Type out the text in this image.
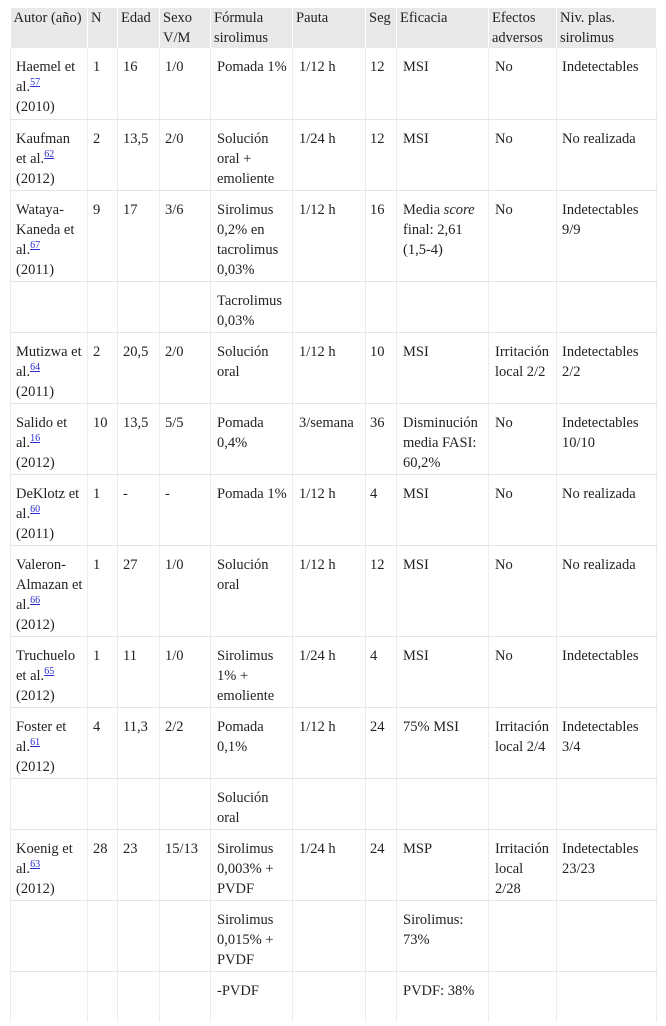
Autor (año)	N	Edad	Sexo V/M	Fórmula sirolimus	Pauta	Seg	Eficacia	Efectos adversos	Niv. plas. sirolimus
Haemel et al.$^{57}$
(2010)	1	16	1/0	Pomada 1%	1/12 h	12	MSI	No	Indetectables
Kaufman et al.$^{62}$
(2012)	2	13,5	2/0	Solución oral + emoliente	1/24 h	12	MSI	No	No realizada
Wataya-Kaneda et al.$^{67}$
(2011)	9	17	3/6	Sirolimus 0,2% en tacrolimus 0,03%	1/12 h	16	Media score final: 2,61 (1,5-4)	No	Indetectables 9/9
				Tacrolimus 0,03%					
Mutizwa et al.$^{64}$
(2011)	2	20,5	2/0	Solución oral	1/12 h	10	MSI	Irritación local 2/2	Indetectables 2/2
Salido et al.$^{16}$
(2012)	10	13,5	5/5	Pomada 0,4%	3/semana	36	Disminución media FASI: 60,2%	No	Indetectables 10/10
DeKlotz et al.$^{60}$
(2011)	1	-	-	Pomada 1%	1/12 h	4	MSI	No	No realizada
Valeron-Almazan et al.$^{66}$
(2012)	1	27	1/0	Solución oral	1/12 h	12	MSI	No	No realizada
Truchuelo et al.$^{65}$
(2012)	1	11	1/0	Sirolimus 1% + emoliente	1/24 h	4	MSI	No	Indetectables
Foster et al.$^{61}$
(2012)	4	11,3	2/2	Pomada 0,1%	1/12 h	24	75% MSI	Irritación local 2/4	Indetectables 3/4
				Solución oral					
Koenig et al.$^{63}$
(2012)	28	23	15/13	Sirolimus 0,003% + PVDF	1/24 h	24	MSP	Irritación local 2/28	Indetectables 23/23
				Sirolimus 0,015% + PVDF			Sirolimus: 73%		
				-PVDF			PVDF: 38%		
